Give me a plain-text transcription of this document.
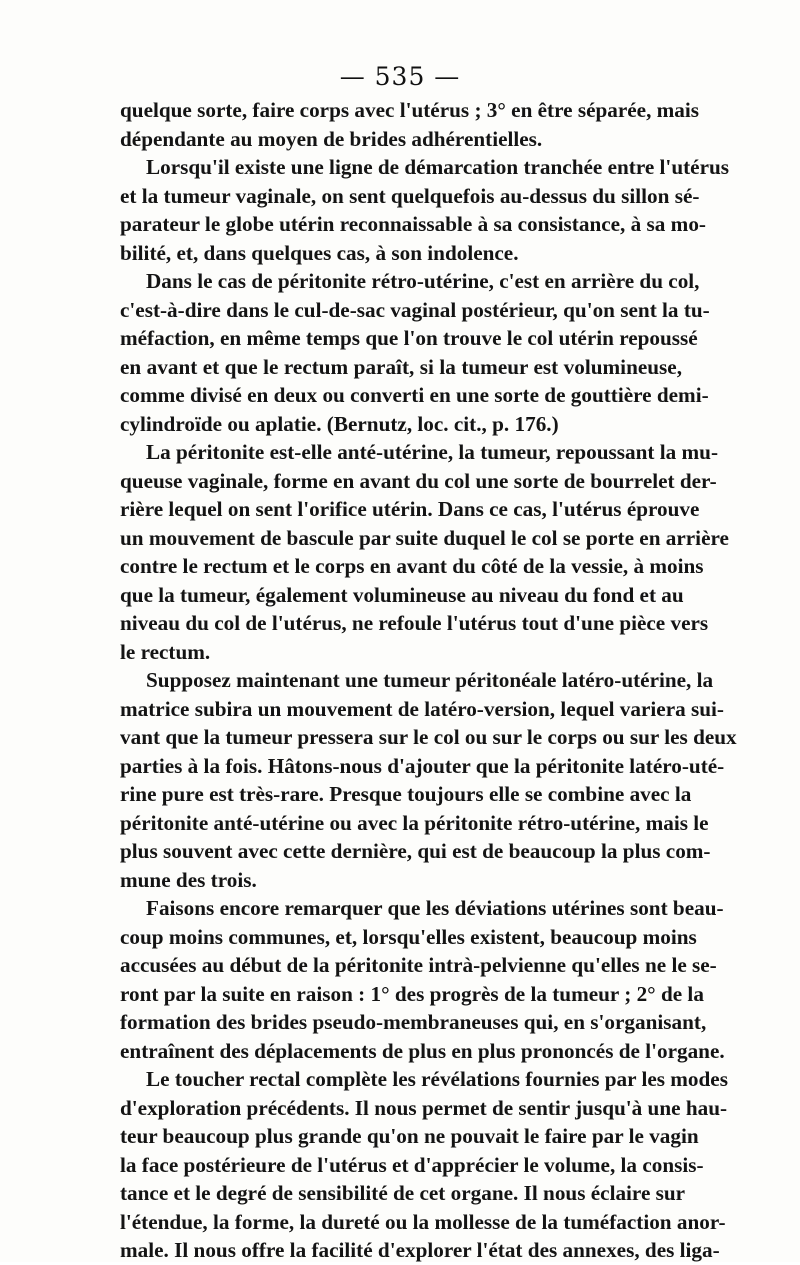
— 535 —
quelque sorte, faire corps avec l'utérus ; 3° en être séparée, mais
dépendante au moyen de brides adhérentielles.
Lorsqu'il existe une ligne de démarcation tranchée entre l'utérus
et la tumeur vaginale, on sent quelquefois au-dessus du sillon sé-
parateur le globe utérin reconnaissable à sa consistance, à sa mo-
bilité, et, dans quelques cas, à son indolence.
Dans le cas de péritonite rétro-utérine, c'est en arrière du col,
c'est-à-dire dans le cul-de-sac vaginal postérieur, qu'on sent la tu-
méfaction, en même temps que l'on trouve le col utérin repoussé
en avant et que le rectum paraît, si la tumeur est volumineuse,
comme divisé en deux ou converti en une sorte de gouttière demi-
cylindroïde ou aplatie. (Bernutz, loc. cit., p. 176.)
La péritonite est-elle anté-utérine, la tumeur, repoussant la mu-
queuse vaginale, forme en avant du col une sorte de bourrelet der-
rière lequel on sent l'orifice utérin. Dans ce cas, l'utérus éprouve
un mouvement de bascule par suite duquel le col se porte en arrière
contre le rectum et le corps en avant du côté de la vessie, à moins
que la tumeur, également volumineuse au niveau du fond et au
niveau du col de l'utérus, ne refoule l'utérus tout d'une pièce vers
le rectum.
Supposez maintenant une tumeur péritonéale latéro-utérine, la
matrice subira un mouvement de latéro-version, lequel variera sui-
vant que la tumeur pressera sur le col ou sur le corps ou sur les deux
parties à la fois. Hâtons-nous d'ajouter que la péritonite latéro-uté-
rine pure est très-rare. Presque toujours elle se combine avec la
péritonite anté-utérine ou avec la péritonite rétro-utérine, mais le
plus souvent avec cette dernière, qui est de beaucoup la plus com-
mune des trois.
Faisons encore remarquer que les déviations utérines sont beau-
coup moins communes, et, lorsqu'elles existent, beaucoup moins
accusées au début de la péritonite intrà-pelvienne qu'elles ne le se-
ront par la suite en raison : 1° des progrès de la tumeur ; 2° de la
formation des brides pseudo-membraneuses qui, en s'organisant,
entraînent des déplacements de plus en plus prononcés de l'organe.
Le toucher rectal complète les révélations fournies par les modes
d'exploration précédents. Il nous permet de sentir jusqu'à une hau-
teur beaucoup plus grande qu'on ne pouvait le faire par le vagin
la face postérieure de l'utérus et d'apprécier le volume, la consis-
tance et le degré de sensibilité de cet organe. Il nous éclaire sur
l'étendue, la forme, la dureté ou la mollesse de la tuméfaction anor-
male. Il nous offre la facilité d'explorer l'état des annexes, des liga-
